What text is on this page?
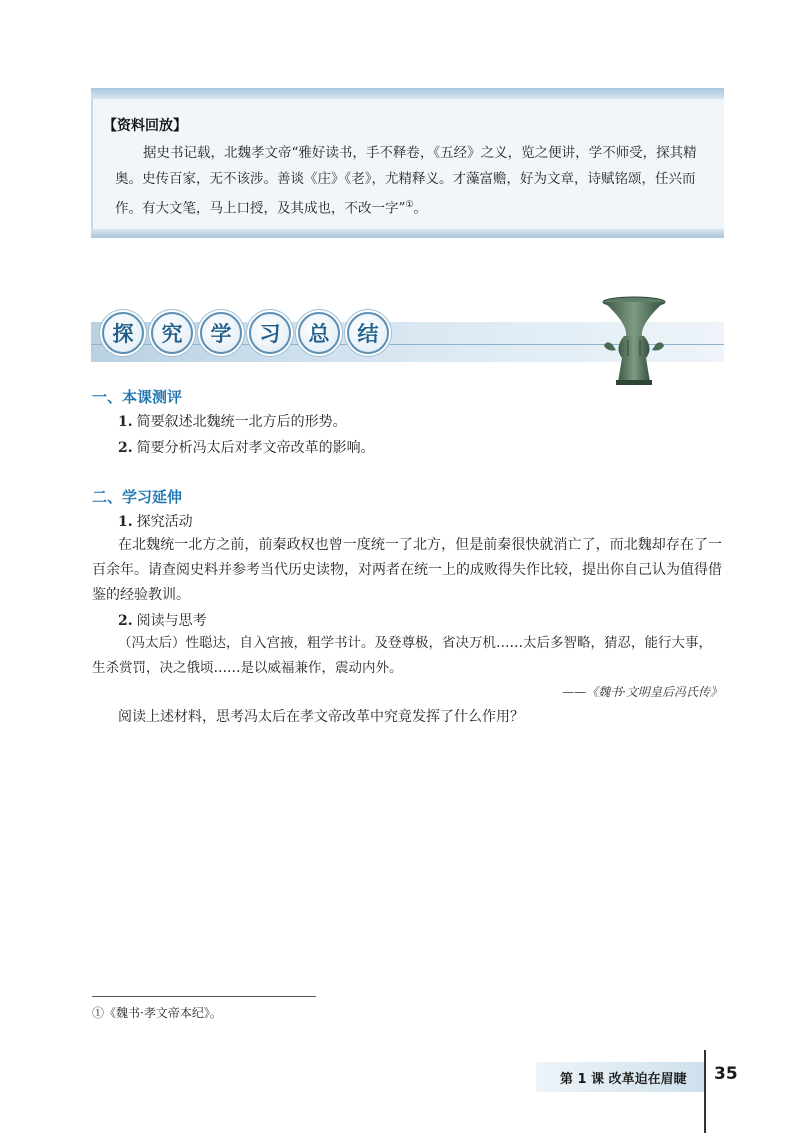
【资料回放】
据史书记载，北魏孝文帝“雅好读书，手不释卷，《五经》之义，览之便讲，学不师受，探其精奥。史传百家，无不该涉。善谈《庄》《老》，尤精释义。才藻富赡，好为文章，诗赋铭颂，任兴而作。有大文笔，马上口授，及其成也，不改一字”①。
探	究	学	习	总	结
一、本课测评
1. 简要叙述北魏统一北方后的形势。
2. 简要分析冯太后对孝文帝改革的影响。
二、学习延伸
1. 探究活动
在北魏统一北方之前，前秦政权也曾一度统一了北方，但是前秦很快就消亡了，而北魏却存在了一百余年。请查阅史料并参考当代历史读物，对两者在统一上的成败得失作比较，提出你自己认为值得借鉴的经验教训。
2. 阅读与思考
（冯太后）性聪达，自入宫掖，粗学书计。及登尊极，省决万机……太后多智略，猜忍，能行大事，生杀赏罚，决之俄顷……是以威福兼作，震动内外。
——《魏书·文明皇后冯氏传》
阅读上述材料，思考冯太后在孝文帝改革中究竟发挥了什么作用？
①《魏书·孝文帝本纪》。
第 1 课 改革迫在眉睫 35
